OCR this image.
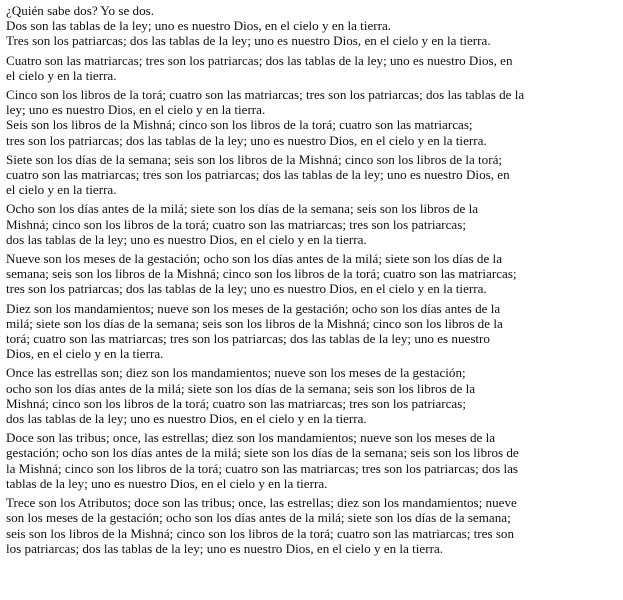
¿Quién sabe dos? Yo se dos.
Dos son las tablas de la ley; uno es nuestro Dios, en el cielo y en la tierra.
Tres son los patriarcas; dos las tablas de la ley; uno es nuestro Dios, en el cielo y en la tierra.
Cuatro son las matriarcas; tres son los patriarcas; dos las tablas de la ley; uno es nuestro Dios, en
el cielo y en la tierra.
Cinco son los libros de la torá; cuatro son las matriarcas; tres son los patriarcas; dos las tablas de la
ley; uno es nuestro Dios, en el cielo y en la tierra.
Seis son los libros de la Mishná; cinco son los libros de la torá; cuatro son las matriarcas;
tres son los patriarcas; dos las tablas de la ley; uno es nuestro Dios, en el cielo y en la tierra.
Siete son los días de la semana; seis son los libros de la Mishná; cinco son los libros de la torá;
cuatro son las matriarcas; tres son los patriarcas; dos las tablas de la ley; uno es nuestro Dios, en
el cielo y en la tierra.
Ocho son los días antes de la milá; siete son los días de la semana; seis son los libros de la
Mishná; cinco son los libros de la torá; cuatro son las matriarcas; tres son los patriarcas;
dos las tablas de la ley; uno es nuestro Dios, en el cielo y en la tierra.
Nueve son los meses de la gestación; ocho son los días antes de la milá; siete son los días de la
semana; seis son los libros de la Mishná; cinco son los libros de la torá; cuatro son las matriarcas;
tres son los patriarcas; dos las tablas de la ley; uno es nuestro Dios, en el cielo y en la tierra.
Diez son los mandamientos; nueve son los meses de la gestación; ocho son los días antes de la
milá; siete son los días de la semana; seis son los libros de la Mishná; cinco son los libros de la
torá; cuatro son las matriarcas; tres son los patriarcas; dos las tablas de la ley; uno es nuestro
Dios, en el cielo y en la tierra.
Once las estrellas son; diez son los mandamientos; nueve son los meses de la gestación;
ocho son los días antes de la milá; siete son los días de la semana; seis son los libros de la
Mishná; cinco son los libros de la torá; cuatro son las matriarcas; tres son los patriarcas;
dos las tablas de la ley; uno es nuestro Dios, en el cielo y en la tierra.
Doce son las tribus; once, las estrellas; diez son los mandamientos; nueve son los meses de la
gestación; ocho son los días antes de la milá; siete son los días de la semana; seis son los libros de
la Mishná; cinco son los libros de la torá; cuatro son las matriarcas; tres son los patriarcas; dos las
tablas de la ley; uno es nuestro Dios, en el cielo y en la tierra.
Trece son los Atributos; doce son las tribus; once, las estrellas; diez son los mandamientos; nueve
son los meses de la gestación; ocho son los días antes de la milá; siete son los días de la semana;
seis son los libros de la Mishná; cinco son los libros de la torá; cuatro son las matriarcas; tres son
los patriarcas; dos las tablas de la ley; uno es nuestro Dios, en el cielo y en la tierra.
